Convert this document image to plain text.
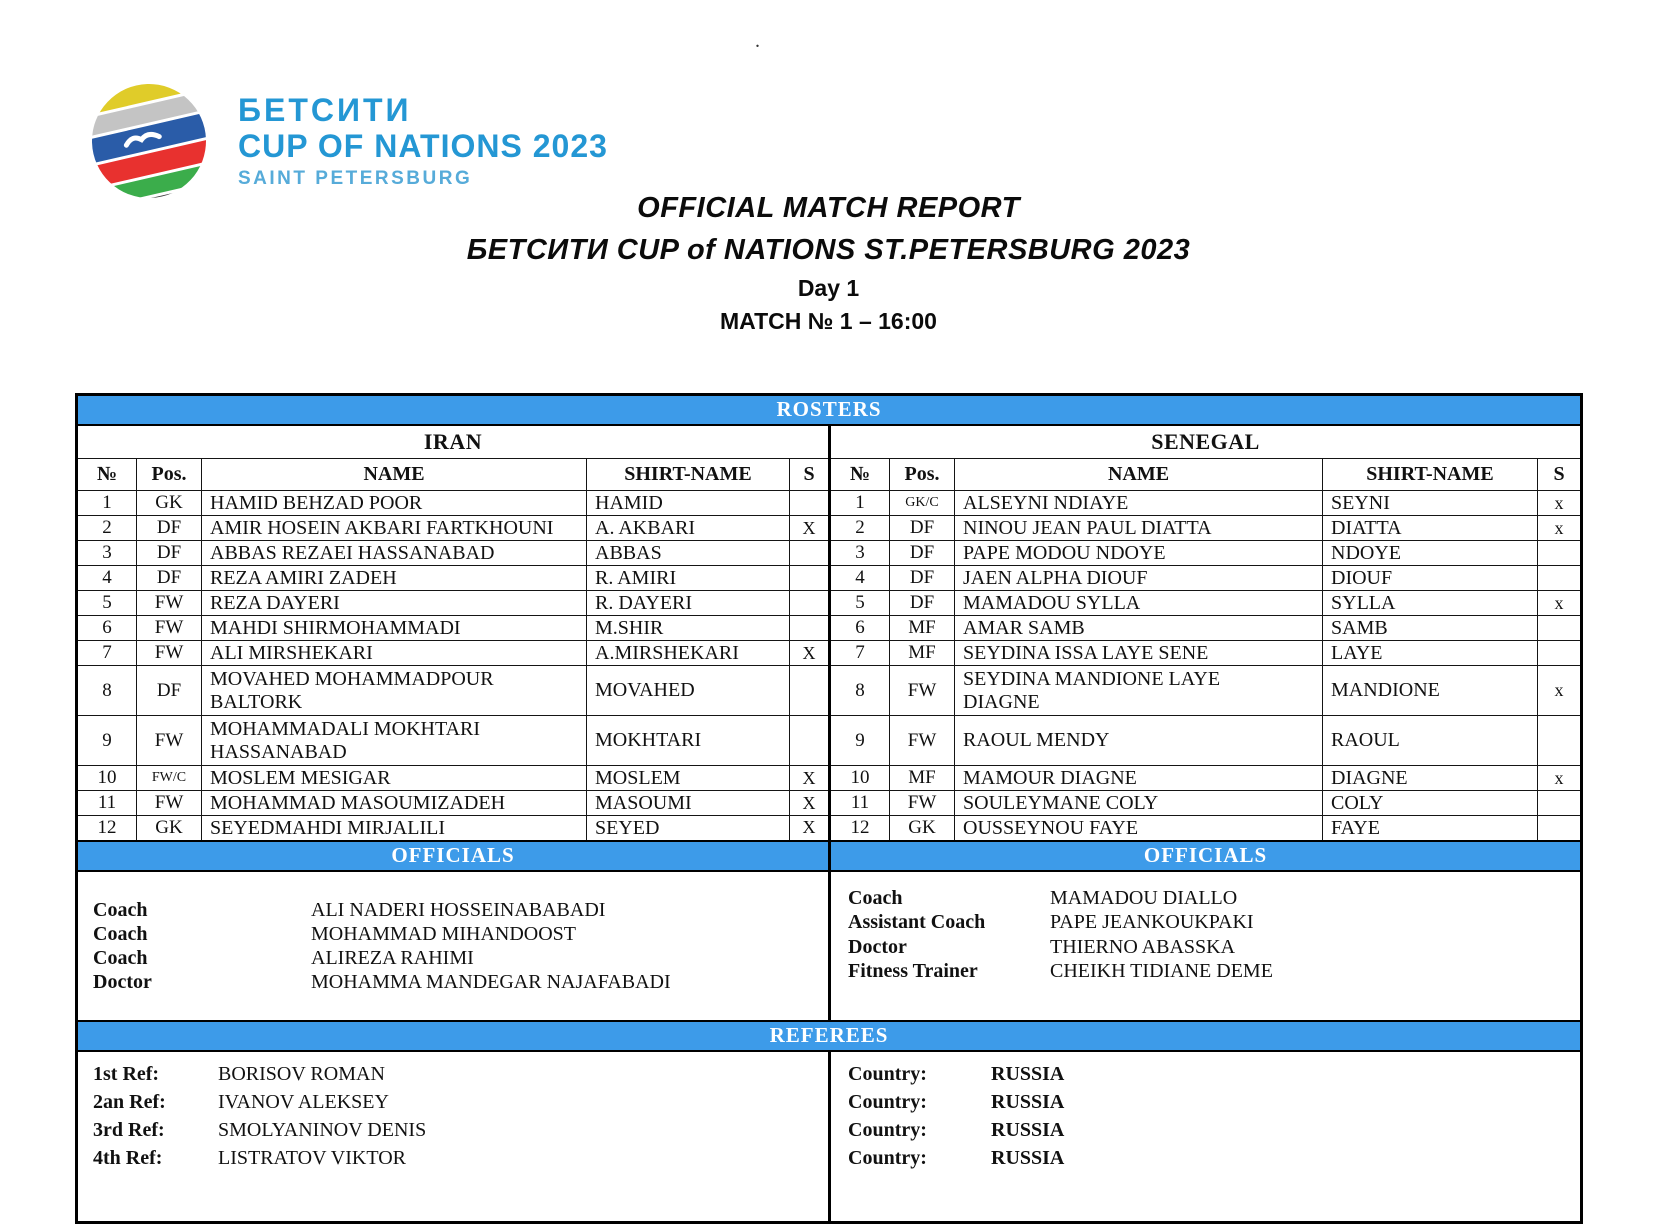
.
БЕТСИТИ
CUP OF NATIONS 2023
SAINT PETERSBURG
OFFICIAL MATCH REPORT
БЕТСИТИ CUP of NATIONS ST.PETERSBURG 2023
Day 1
MATCH № 1 – 16:00
ROSTERS									
IRAN					SENEGAL				
№	Pos.	NAME	SHIRT-NAME	S	№	Pos.	NAME	SHIRT-NAME	S
1	GK	HAMID BEHZAD POOR	HAMID		1	GK/C	ALSEYNI NDIAYE	SEYNI	x
2	DF	AMIR HOSEIN AKBARI FARTKHOUNI	A. AKBARI	X	2	DF	NINOU JEAN PAUL DIATTA	DIATTA	x
3	DF	ABBAS REZAEI HASSANABAD	ABBAS		3	DF	PAPE MODOU NDOYE	NDOYE	
4	DF	REZA AMIRI ZADEH	R. AMIRI		4	DF	JAEN ALPHA DIOUF	DIOUF	
5	FW	REZA DAYERI	R. DAYERI		5	DF	MAMADOU SYLLA	SYLLA	x
6	FW	MAHDI SHIRMOHAMMADI	M.SHIR		6	MF	AMAR SAMB	SAMB	
7	FW	ALI MIRSHEKARI	A.MIRSHEKARI	X	7	MF	SEYDINA ISSA LAYE SENE	LAYE	
8	DF	MOVAHED MOHAMMADPOUR BALTORK	MOVAHED		8	FW	SEYDINA MANDIONE LAYE DIAGNE	MANDIONE	x
9	FW	MOHAMMADALI MOKHTARI HASSANABAD	MOKHTARI		9	FW	RAOUL MENDY	RAOUL	
10	FW/C	MOSLEM MESIGAR	MOSLEM	X	10	MF	MAMOUR DIAGNE	DIAGNE	x
11	FW	MOHAMMAD MASOUMIZADEH	MASOUMI	X	11	FW	SOULEYMANE COLY	COLY	
12	GK	SEYEDMAHDI MIRJALILI	SEYED	X	12	GK	OUSSEYNOU FAYE	FAYE	
OFFICIALS					OFFICIALS				

Coach	ALI NADERI HOSSEINABABADI
Coach	MOHAMMAD MIHANDOOST
Coach	ALIREZA RAHIMI
Doctor	MOHAMMA MANDEGAR NAJAFABADI

Coach	MAMADOU DIALLO
Assistant Coach	PAPE JEANKOUKPAKI
Doctor	THIERNO ABASSKA
Fitness Trainer	CHEIKH TIDIANE DEME

REFEREES									

1st Ref:	BORISOV ROMAN
2an Ref:	IVANOV ALEKSEY
3rd Ref:	SMOLYANINOV DENIS
4th Ref:	LISTRATOV VIKTOR

Country:	RUSSIA
Country:	RUSSIA
Country:	RUSSIA
Country:	RUSSIA
